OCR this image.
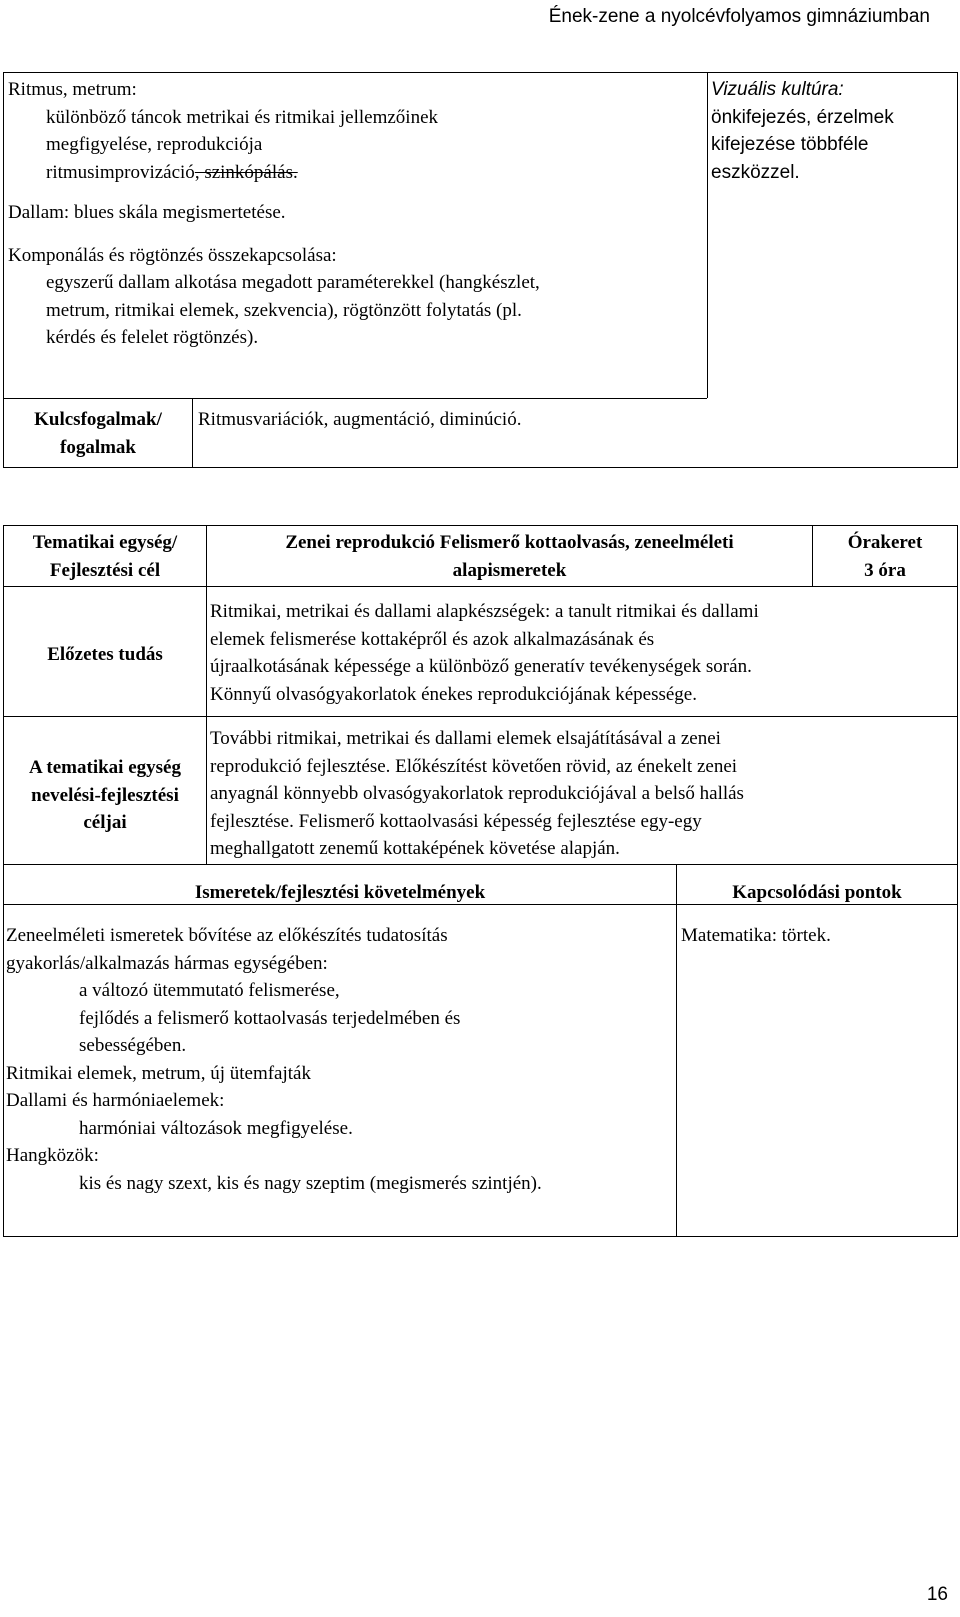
Ének-zene a nyolcévfolyamos gimnáziumban
Ritmus, metrum:
különböző táncok metrikai és ritmikai jellemzőinek
megfigyelése, reprodukciója
ritmusimprovizáció, szinkópálás.
Dallam: blues skála megismertetése.
Komponálás és rögtönzés összekapcsolása:
egyszerű dallam alkotása megadott paraméterekkel (hangkészlet,
metrum, ritmikai elemek, szekvencia), rögtönzött folytatás (pl.
kérdés és felelet rögtönzés).
Vizuális kultúra:
önkifejezés, érzelmek
kifejezése többféle
eszközzel.
Kulcsfogalmak/
fogalmak
Ritmusvariációk, augmentáció, diminúció.
Tematikai egység/
Fejlesztési cél
Zenei reprodukció Felismerő kottaolvasás, zeneelméleti
alapismeretek
Órakeret
3 óra
Előzetes tudás
Ritmikai, metrikai és dallami alapkészségek: a tanult ritmikai és dallami
elemek felismerése kottaképről és azok alkalmazásának és
újraalkotásának képessége a különböző generatív tevékenységek során.
Könnyű olvasógyakorlatok énekes reprodukciójának képessége.
A tematikai egység
nevelési-fejlesztési
céljai
További ritmikai, metrikai és dallami elemek elsajátításával a zenei
reprodukció fejlesztése. Előkészítést követően rövid, az énekelt zenei
anyagnál könnyebb olvasógyakorlatok reprodukciójával a belső hallás
fejlesztése. Felismerő kottaolvasási képesség fejlesztése egy-egy
meghallgatott zenemű kottaképének követése alapján.
Ismeretek/fejlesztési követelmények	Kapcsolódási pontok
Zeneelméleti ismeretek bővítése az előkészítés tudatosítás
gyakorlás/alkalmazás hármas egységében:
a változó ütemmutató felismerése,
fejlődés a felismerő kottaolvasás terjedelmében és
sebességében.
Ritmikai elemek, metrum, új ütemfajták
Dallami és harmóniaelemek:
harmóniai változások megfigyelése.
Hangközök:
kis és nagy szext, kis és nagy szeptim (megismerés szintjén).
Matematika: törtek.
16
